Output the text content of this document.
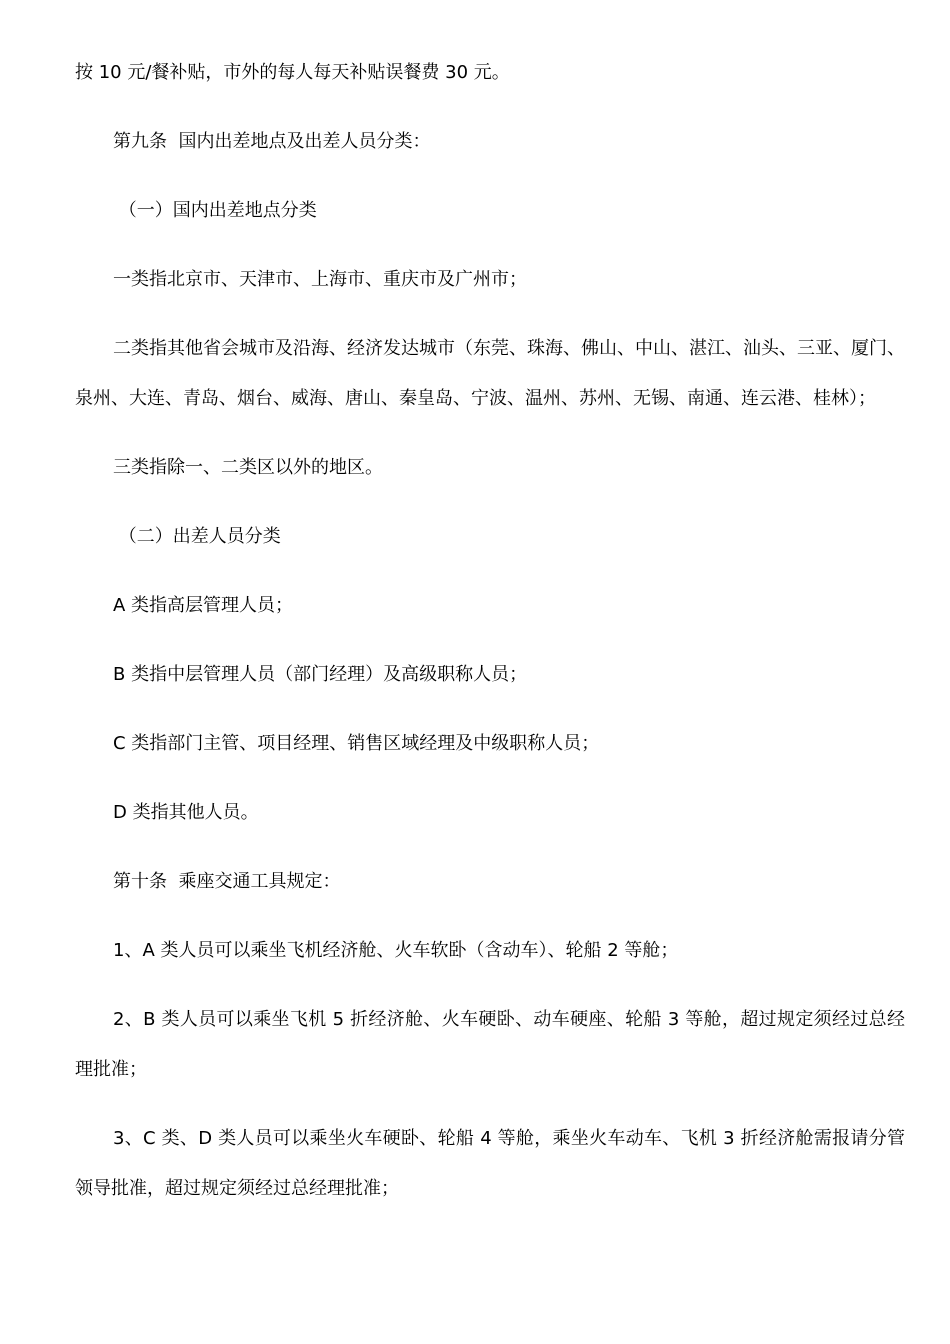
按 10 元/餐补贴，市外的每人每天补贴误餐费 30 元。

第九条  国内出差地点及出差人员分类：

（一）国内出差地点分类

一类指北京市、天津市、上海市、重庆市及广州市；

二类指其他省会城市及沿海、经济发达城市（东莞、珠海、佛山、中山、湛江、汕头、三亚、厦门、泉州、大连、青岛、烟台、威海、唐山、秦皇岛、宁波、温州、苏州、无锡、南通、连云港、桂林）；

三类指除一、二类区以外的地区。

（二）出差人员分类

A 类指高层管理人员；

B 类指中层管理人员（部门经理）及高级职称人员；

C 类指部门主管、项目经理、销售区域经理及中级职称人员；

D 类指其他人员。

第十条  乘座交通工具规定：

1、A 类人员可以乘坐飞机经济舱、火车软卧（含动车）、轮船 2 等舱；

2、B 类人员可以乘坐飞机 5 折经济舱、火车硬卧、动车硬座、轮船 3 等舱，超过规定须经过总经理批准；

3、C 类、D 类人员可以乘坐火车硬卧、轮船 4 等舱，乘坐火车动车、飞机 3 折经济舱需报请分管领导批准，超过规定须经过总经理批准；
